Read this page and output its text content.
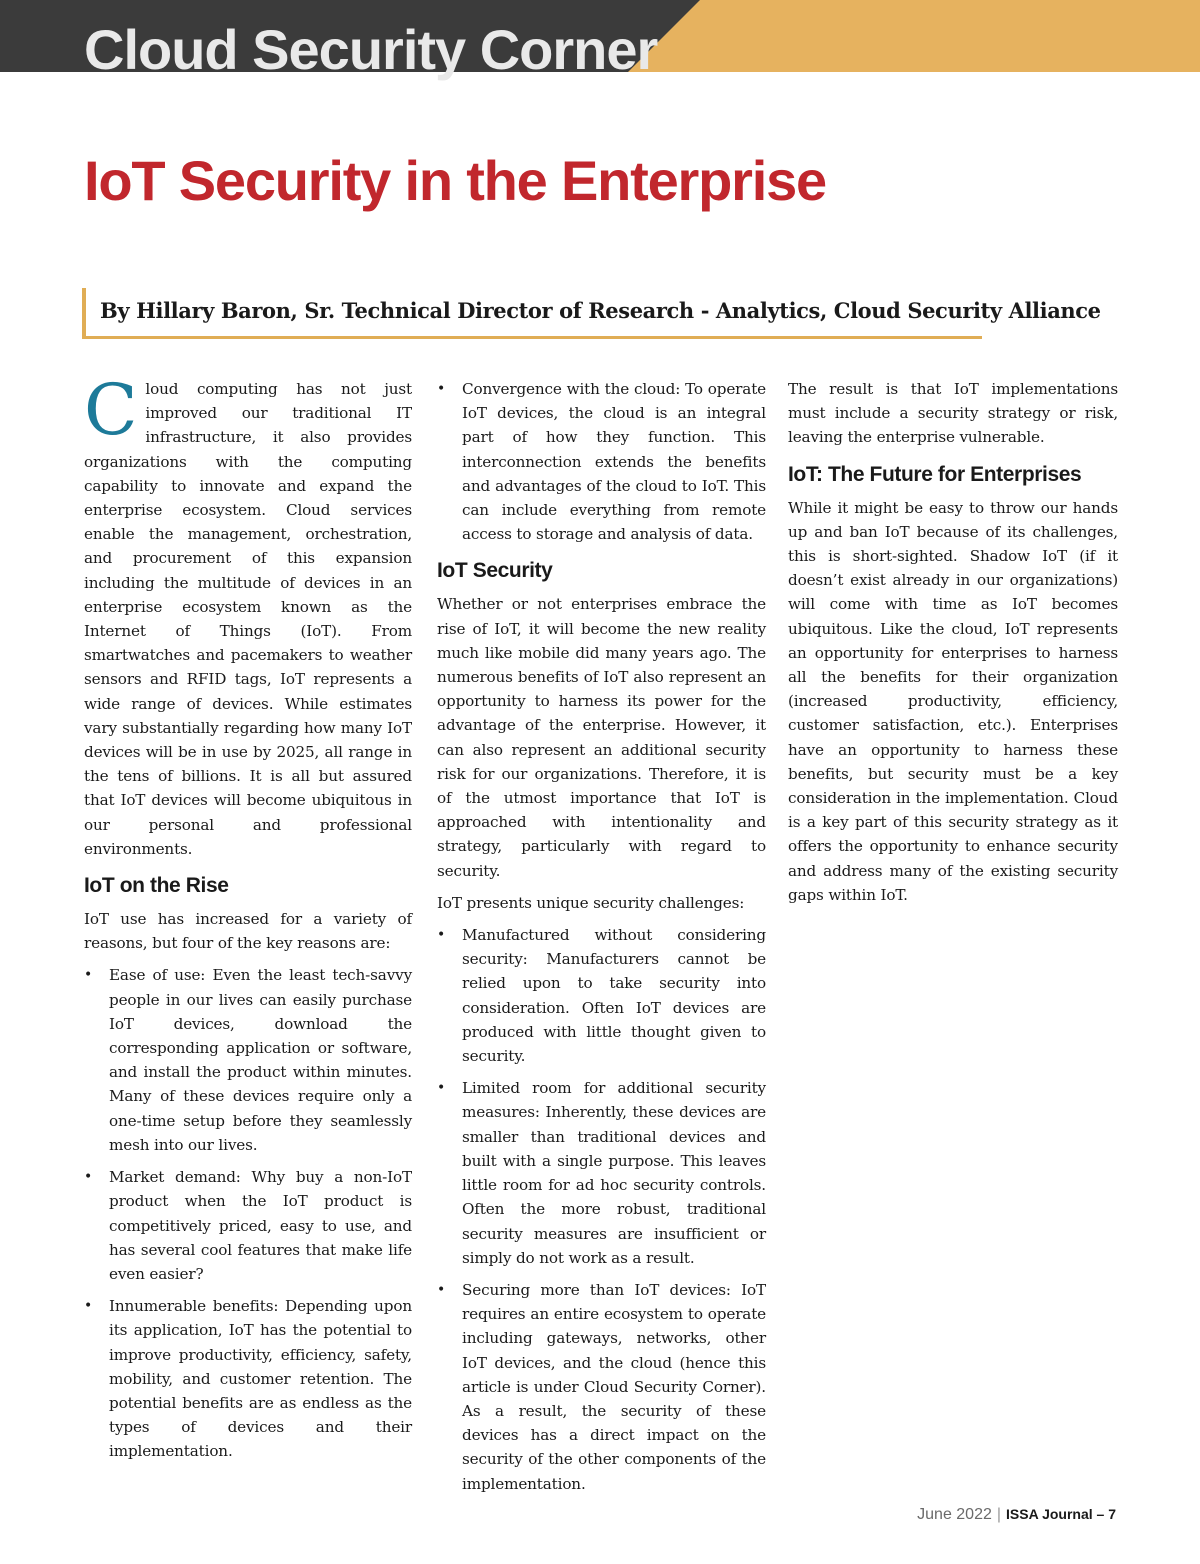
Cloud Security Corner
IoT Security in the Enterprise

By Hillary Baron, Sr. Technical Director of Research - Analytics, Cloud Security Alliance

Cloud computing has not just improved our traditional IT infrastructure, it also provides organizations with the computing capability to innovate and expand the enterprise ecosystem. Cloud services enable the management, orchestration, and procurement of this expansion including the multitude of devices in an enterprise ecosystem known as the Internet of Things (IoT). From smartwatches and pacemakers to weather sensors and RFID tags, IoT represents a wide range of devices. While estimates vary substantially regarding how many IoT devices will be in use by 2025, all range in the tens of billions. It is all but assured that IoT devices will become ubiquitous in our personal and professional environments.

IoT on the Rise

IoT use has increased for a variety of reasons, but four of the key reasons are:

• Ease of use: Even the least tech-savvy people in our lives can easily purchase IoT devices, download the corresponding application or software, and install the product within minutes. Many of these devices require only a one-time setup before they seamlessly mesh into our lives.
• Market demand: Why buy a non-IoT product when the IoT product is competitively priced, easy to use, and has several cool features that make life even easier?
• Innumerable benefits: Depending upon its application, IoT has the potential to improve productivity, efficiency, safety, mobility, and customer retention. The potential benefits are as endless as the types of devices and their implementation.
• Convergence with the cloud: To operate IoT devices, the cloud is an integral part of how they function. This interconnection extends the benefits and advantages of the cloud to IoT. This can include everything from remote access to storage and analysis of data.
IoT Security

Whether or not enterprises embrace the rise of IoT, it will become the new reality much like mobile did many years ago. The numerous benefits of IoT also represent an opportunity to harness its power for the advantage of the enterprise. However, it can also represent an additional security risk for our organizations. Therefore, it is of the utmost importance that IoT is approached with intentionality and strategy, particularly with regard to security.

IoT presents unique security challenges:

• Manufactured without considering security: Manufacturers cannot be relied upon to take security into consideration. Often IoT devices are produced with little thought given to security.
• Limited room for additional security measures: Inherently, these devices are smaller than traditional devices and built with a single purpose. This leaves little room for ad hoc security controls. Often the more robust, traditional security measures are insufficient or simply do not work as a result.
• Securing more than IoT devices: IoT requires an entire ecosystem to operate including gateways, networks, other IoT devices, and the cloud (hence this article is under Cloud Security Corner). As a result, the security of these devices has a direct impact on the security of the other components of the implementation.

The result is that IoT implementations must include a security strategy or risk, leaving the enterprise vulnerable.

IoT: The Future for Enterprises

While it might be easy to throw our hands up and ban IoT because of its challenges, this is short-sighted. Shadow IoT (if it doesn’t exist already in our organizations) will come with time as IoT becomes ubiquitous. Like the cloud, IoT represents an opportunity for enterprises to harness all the benefits for their organization (increased productivity, efficiency, customer satisfaction, etc.). Enterprises have an opportunity to harness these benefits, but security must be a key consideration in the implementation. Cloud is a key part of this security strategy as it offers the opportunity to enhance security and address many of the existing security gaps within IoT.

June 2022 | ISSA Journal – 7
